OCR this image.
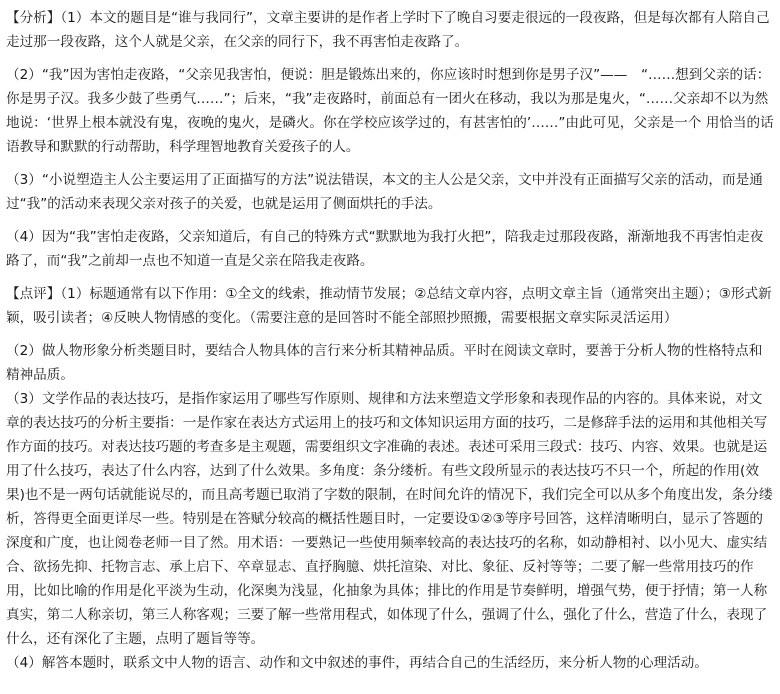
【分析】（1）本文的题目是“谁与我同行”，文章主要讲的是作者上学时下了晚自习要走很远的一段夜路，但是每次都有人陪自己走过那一段夜路，这个人就是父亲，在父亲的同行下，我不再害怕走夜路了。

（2）“我”因为害怕走夜路，“父亲见我害怕，便说：胆是锻炼出来的，你应该时时想到你是男子汉”——　“……想到父亲的话：你是男子汉。我多少鼓了些勇气……”；后来，“我”走夜路时，前面总有一团火在移动，我以为那是鬼火，“……父亲却不以为然地说：‘世界上根本就没有鬼，夜晚的鬼火，是磷火。你在学校应该学过的，有甚害怕的’……”由此可见，父亲是一个 用恰当的话语教导和默默的行动帮助，科学理智地教育关爱孩子的人。

（3）“小说塑造主人公主要运用了正面描写的方法”说法错误，本文的主人公是父亲，文中并没有正面描写父亲的活动，而是通过“我”的活动来表现父亲对孩子的关爱，也就是运用了侧面烘托的手法。

（4）因为“我”害怕走夜路，父亲知道后，有自己的特殊方式“默默地为我打火把”，陪我走过那段夜路，渐渐地我不再害怕走夜路了，而“我”之前却一点也不知道一直是父亲在陪我走夜路。

【点评】（1）标题通常有以下作用：①全文的线索，推动情节发展；②总结文章内容，点明文章主旨（通常突出主题）；③形式新颖，吸引读者；④反映人物情感的变化。（需要注意的是回答时不能全部照抄照搬，需要根据文章实际灵活运用）

（2）做人物形象分析类题目时，要结合人物具体的言行来分析其精神品质。平时在阅读文章时，要善于分析人物的性格特点和精神品质。

（3）文学作品的表达技巧，是指作家运用了哪些写作原则、规律和方法来塑造文学形象和表现作品的内容的。具体来说，对文章的表达技巧的分析主要指：一是作家在表达方式运用上的技巧和文体知识运用方面的技巧，二是修辞手法的运用和其他相关写作方面的技巧。对表达技巧题的考查多是主观题，需要组织文字准确的表述。表述可采用三段式：技巧、内容、效果。也就是运用了什么技巧，表达了什么内容，达到了什么效果。多角度：条分缕析。有些文段所显示的表达技巧不只一个，所起的作用(效果)也不是一两句话就能说尽的，而且高考题已取消了字数的限制，在时间允许的情况下，我们完全可以从多个角度出发，条分缕析，答得更全面更详尽一些。特别是在答赋分较高的概括性题目时，一定要设①②③等序号回答，这样清晰明白，显示了答题的深度和广度，也让阅卷老师一目了然。用术语：一要熟记一些使用频率较高的表达技巧的名称，如动静相衬、以小见大、虚实结合、欲扬先抑、托物言志、承上启下、卒章显志、直抒胸臆、烘托渲染、对比、象征、反衬等等；二要了解一些常用技巧的作用，比如比喻的作用是化平淡为生动，化深奥为浅显，化抽象为具体；排比的作用是节奏鲜明，增强气势，便于抒情；第一人称真实，第二人称亲切，第三人称客观；三要了解一些常用程式，如体现了什么，强调了什么，强化了什么，营造了什么，表现了什么，还有深化了主题，点明了题旨等等。

（4）解答本题时，联系文中人物的语言、动作和文中叙述的事件，再结合自己的生活经历，来分析人物的心理活动。
